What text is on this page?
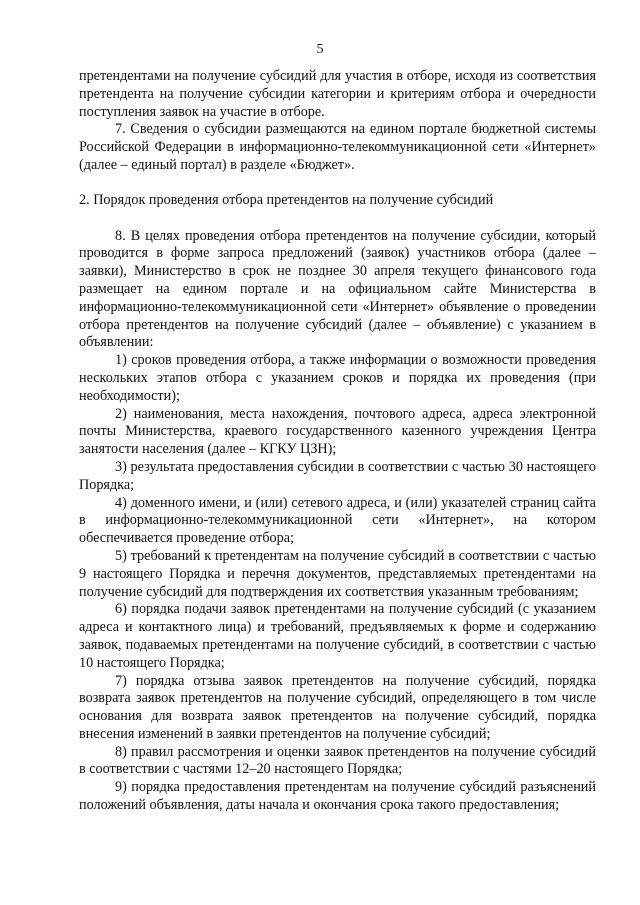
5

претендентами на получение субсидий для участия в отборе, исходя из соответствия претендента на получение субсидии категории и критериям отбора и очередности поступления заявок на участие в отборе.

7. Сведения о субсидии размещаются на едином портале бюджетной системы Российской Федерации в информационно-телекоммуникационной сети «Интернет» (далее – единый портал) в разделе «Бюджет».

2. Порядок проведения отбора претендентов на получение субсидий

8. В целях проведения отбора претендентов на получение субсидии, который проводится в форме запроса предложений (заявок) участников отбора (далее – заявки), Министерство в срок не позднее 30 апреля текущего финансового года размещает на едином портале и на официальном сайте Министерства в информационно-телекоммуникационной сети «Интернет» объявление о проведении отбора претендентов на получение субсидий (далее – объявление) с указанием в объявлении:

1) сроков проведения отбора, а также информации о возможности проведения нескольких этапов отбора с указанием сроков и порядка их проведения (при необходимости);

2) наименования, места нахождения, почтового адреса, адреса электронной почты Министерства, краевого государственного казенного учреждения Центра занятости населения (далее – КГКУ ЦЗН);

3) результата предоставления субсидии в соответствии с частью 30 настоящего Порядка;

4) доменного имени, и (или) сетевого адреса, и (или) указателей страниц сайта в информационно-телекоммуникационной сети «Интернет», на котором обеспечивается проведение отбора;

5) требований к претендентам на получение субсидий в соответствии с частью 9 настоящего Порядка и перечня документов, представляемых претендентами на получение субсидий для подтверждения их соответствия указанным требованиям;

6) порядка подачи заявок претендентами на получение субсидий (с указанием адреса и контактного лица) и требований, предъявляемых к форме и содержанию заявок, подаваемых претендентами на получение субсидий, в соответствии с частью 10 настоящего Порядка;

7) порядка отзыва заявок претендентов на получение субсидий, порядка возврата заявок претендентов на получение субсидий, определяющего в том числе основания для возврата заявок претендентов на получение субсидий, порядка внесения изменений в заявки претендентов на получение субсидий;

8) правил рассмотрения и оценки заявок претендентов на получение субсидий в соответствии с частями 12–20 настоящего Порядка;

9) порядка предоставления претендентам на получение субсидий разъяснений положений объявления, даты начала и окончания срока такого предоставления;
